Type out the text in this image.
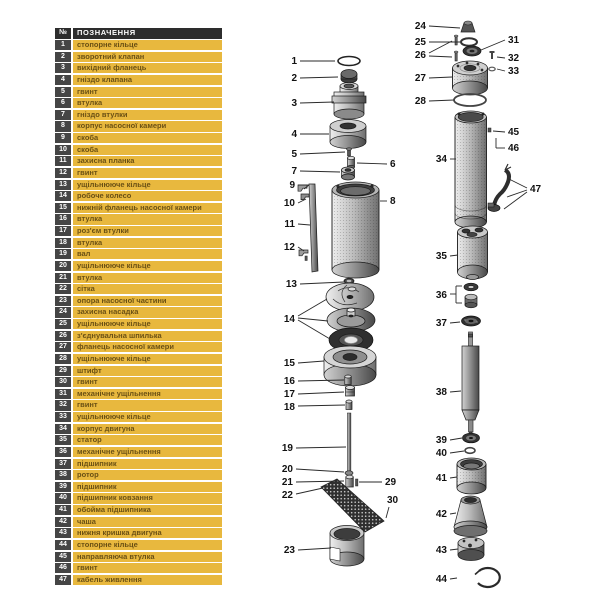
№	ПОЗНАЧЕННЯ
1	стопорне кільце
2	зворотний клапан
3	вихідний фланець
4	гніздо клапана
5	гвинт
6	втулка
7	гніздо втулки
8	корпус насосної камери
9	скоба
10	скоба
11	захисна планка
12	гвинт
13	ущільнююче кільце
14	робоче колесо
15	нижній фланець насосної камери
16	втулка
17	роз'єм втулки
18	втулка
19	вал
20	ущільнююче кільце
21	втулка
22	сітка
23	опора насосної частини
24	захисна насадка
25	ущільнююче кільце
26	з'єднувальна шпилька
27	фланець насосної камери
28	ущільнююче кільце
29	штифт
30	гвинт
31	механічне ущільнення
32	гвинт
33	ущільнююче кільце
34	корпус двигуна
35	статор
36	механічне ущільнення
37	підшипник
38	ротор
39	підшипник
40	підшипник ковзання
41	обойма підшипника
42	чаша
43	нижня кришка двигуна
44	стопорне кільце
45	направляюча втулка
46	гвинт
47	кабель живлення
1
2
3
4
5
6
7
8
9
10
11
12
13
14
15
16
17
18
19
20
21	29
22	30
23
24
25
26
31
32
33
27
28
34
45
46
47
35
36
37
38
39
40
41
42
43
44
